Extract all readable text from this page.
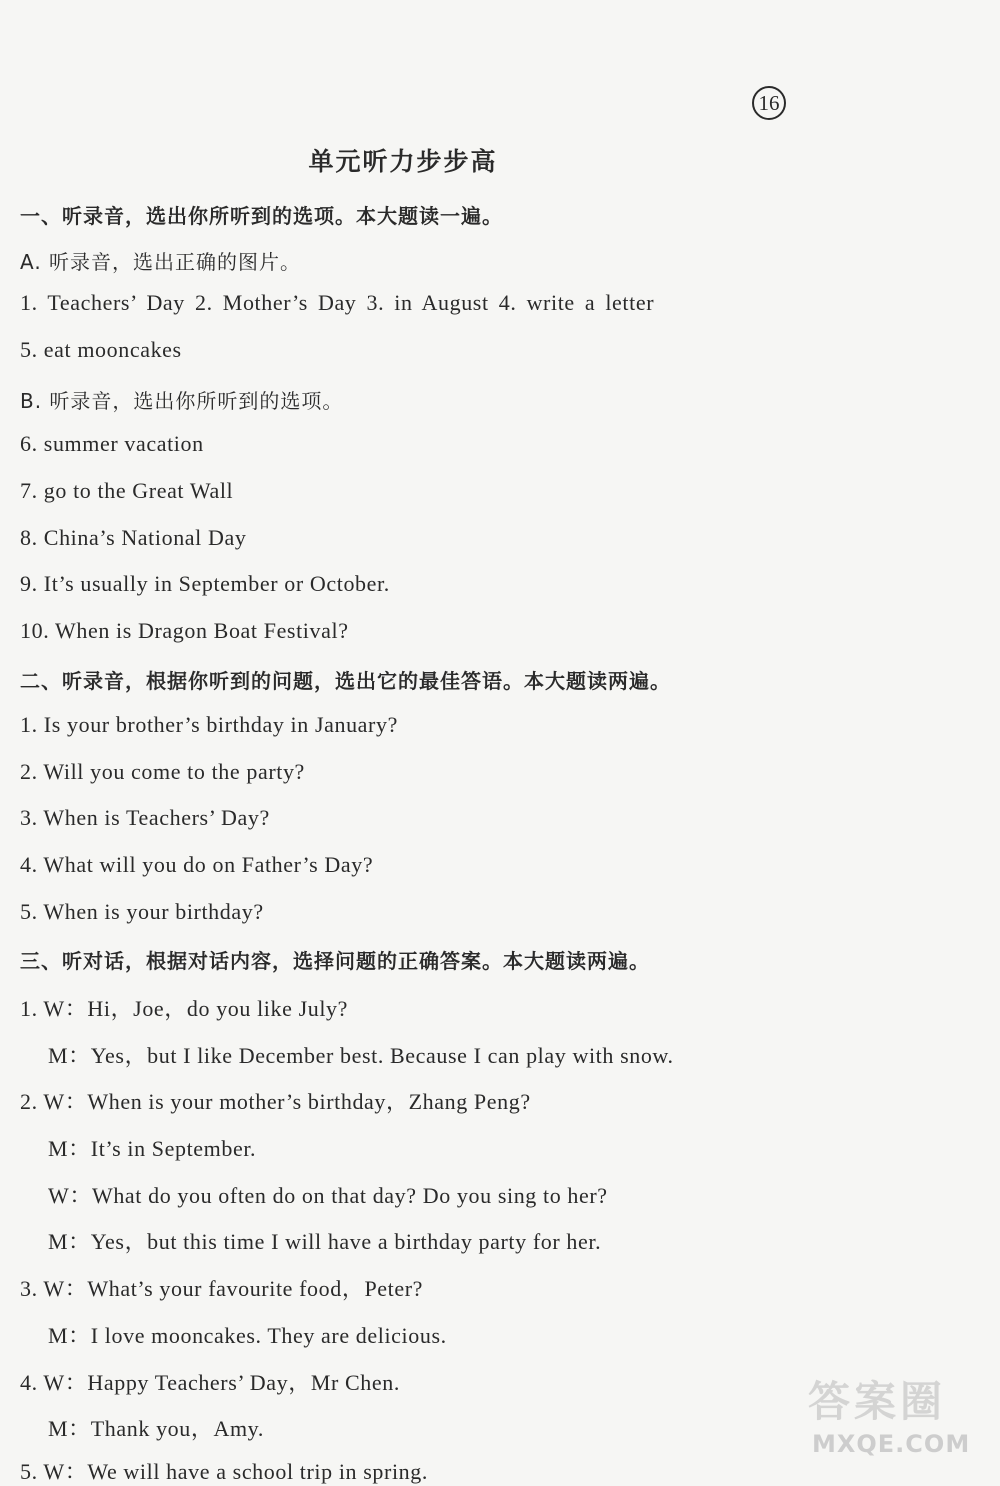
16
单元听力步步高
一、听录音，选出你所听到的选项。本大题读一遍。
A. 听录音，选出正确的图片。
1. Teachers’ Day 2. Mother’s Day 3. in August 4. write a letter
5. eat mooncakes
B. 听录音，选出你所听到的选项。
6. summer vacation
7. go to the Great Wall
8. China’s National Day
9. It’s usually in September or October.
10. When is Dragon Boat Festival?
二、听录音，根据你听到的问题，选出它的最佳答语。本大题读两遍。
1. Is your brother’s birthday in January?
2. Will you come to the party?
3. When is Teachers’ Day?
4. What will you do on Father’s Day?
5. When is your birthday?
三、听对话，根据对话内容，选择问题的正确答案。本大题读两遍。
1. W：Hi，Joe，do you like July?
M：Yes，but I like December best. Because I can play with snow.
2. W：When is your mother’s birthday，Zhang Peng?
M：It’s in September.
W：What do you often do on that day? Do you sing to her?
M：Yes，but this time I will have a birthday party for her.
3. W：What’s your favourite food，Peter?
M：I love mooncakes. They are delicious.
4. W：Happy Teachers’ Day，Mr Chen.
M：Thank you，Amy.
5. W：We will have a school trip in spring.
答案圈
MXQE.COM
